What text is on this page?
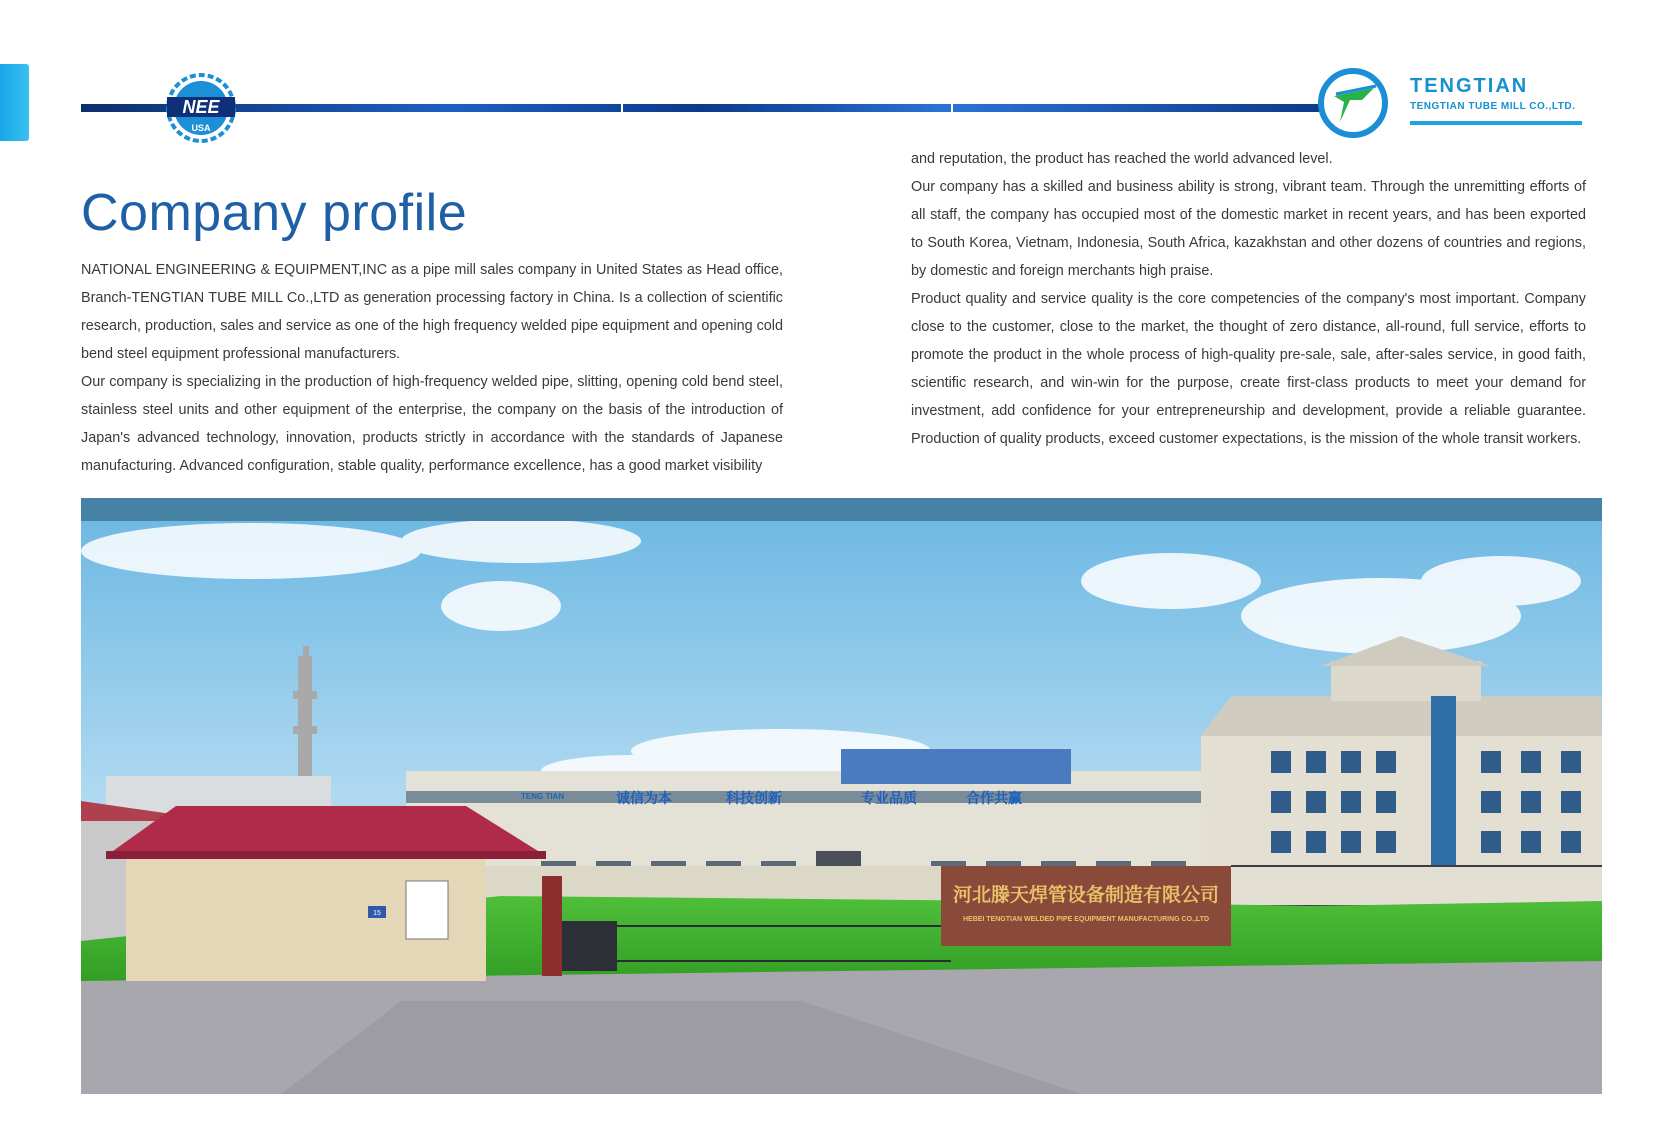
NEE
USA
TENGTIAN
TENGTIAN TUBE MILL CO.,LTD.
Company profile

NATIONAL ENGINEERING & EQUIPMENT,INC as a pipe mill sales company in United States as Head office, Branch-TENGTIAN TUBE MILL Co.,LTD as generation processing factory in China. Is a collection of scientific research, production, sales and service as one of the high frequency welded pipe equipment and opening cold bend steel equipment professional manufacturers.

Our company is specializing in the production of high-frequency welded pipe, slitting, opening cold bend steel, stainless steel units and other equipment of the enterprise, the company on the basis of the introduction of Japan's advanced technology, innovation, products strictly in accordance with the standards of Japanese manufacturing. Advanced configuration, stable quality, performance excellence, has a good market visibility

and reputation, the product has reached the world advanced level.

Our company has a skilled and business ability is strong, vibrant team. Through the unremitting efforts of all staff, the company has occupied most of the domestic market in recent years, and has been exported to South Korea, Vietnam, Indonesia, South Africa, kazakhstan and other dozens of countries and regions, by domestic and foreign merchants high praise.

Product quality and service quality is the core competencies of the company's most important. Company close to the customer, close to the market, the thought of zero distance, all-round, full service, efforts to promote the product in the whole process of high-quality pre-sale, sale, after-sales service, in good faith, scientific research, and win-win for the purpose, create first-class products to meet your demand for investment, add confidence for your entrepreneurship and development, provide a reliable guarantee. Production of quality products, exceed customer expectations, is the mission of the whole transit workers.

TENG TIAN	诚信为本	科技创新	专业品质	合作共赢
15
河北滕天焊管设备制造有限公司
HEBEI TENGTIAN WELDED PIPE EQUIPMENT MANUFACTURING CO.,LTD
